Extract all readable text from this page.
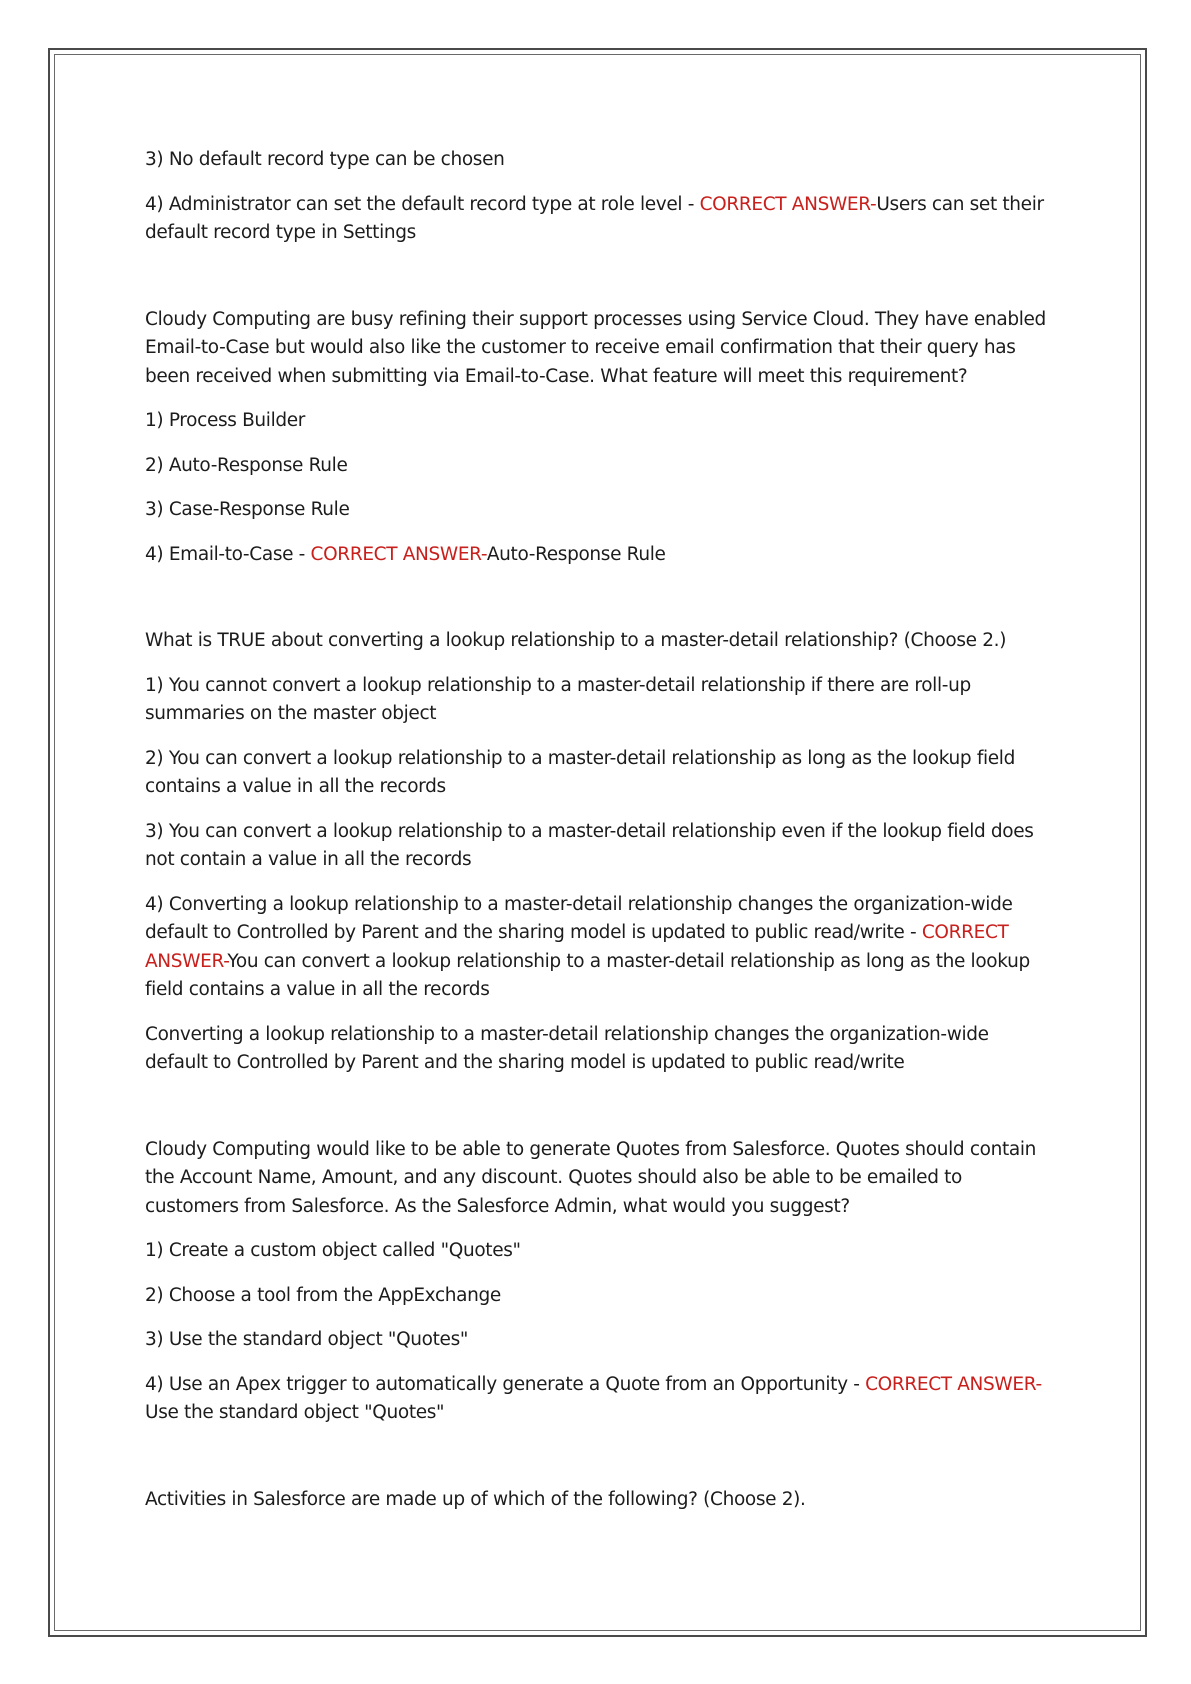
3) No default record type can be chosen

4) Administrator can set the default record type at role level - CORRECT ANSWER-Users can set their default record type in Settings

Cloudy Computing are busy refining their support processes using Service Cloud. They have enabled Email-to-Case but would also like the customer to receive email confirmation that their query has been received when submitting via Email-to-Case. What feature will meet this requirement?

1) Process Builder

2) Auto-Response Rule

3) Case-Response Rule

4) Email-to-Case - CORRECT ANSWER-Auto-Response Rule

What is TRUE about converting a lookup relationship to a master-detail relationship? (Choose 2.)

1) You cannot convert a lookup relationship to a master-detail relationship if there are roll-up summaries on the master object

2) You can convert a lookup relationship to a master-detail relationship as long as the lookup field contains a value in all the records

3) You can convert a lookup relationship to a master-detail relationship even if the lookup field does not contain a value in all the records

4) Converting a lookup relationship to a master-detail relationship changes the organization-wide default to Controlled by Parent and the sharing model is updated to public read/write - CORRECT ANSWER-You can convert a lookup relationship to a master-detail relationship as long as the lookup field contains a value in all the records

Converting a lookup relationship to a master-detail relationship changes the organization-wide default to Controlled by Parent and the sharing model is updated to public read/write

Cloudy Computing would like to be able to generate Quotes from Salesforce. Quotes should contain the Account Name, Amount, and any discount. Quotes should also be able to be emailed to customers from Salesforce. As the Salesforce Admin, what would you suggest?

1) Create a custom object called "Quotes"

2) Choose a tool from the AppExchange

3) Use the standard object "Quotes"

4) Use an Apex trigger to automatically generate a Quote from an Opportunity - CORRECT ANSWER-Use the standard object "Quotes"

Activities in Salesforce are made up of which of the following? (Choose 2).
